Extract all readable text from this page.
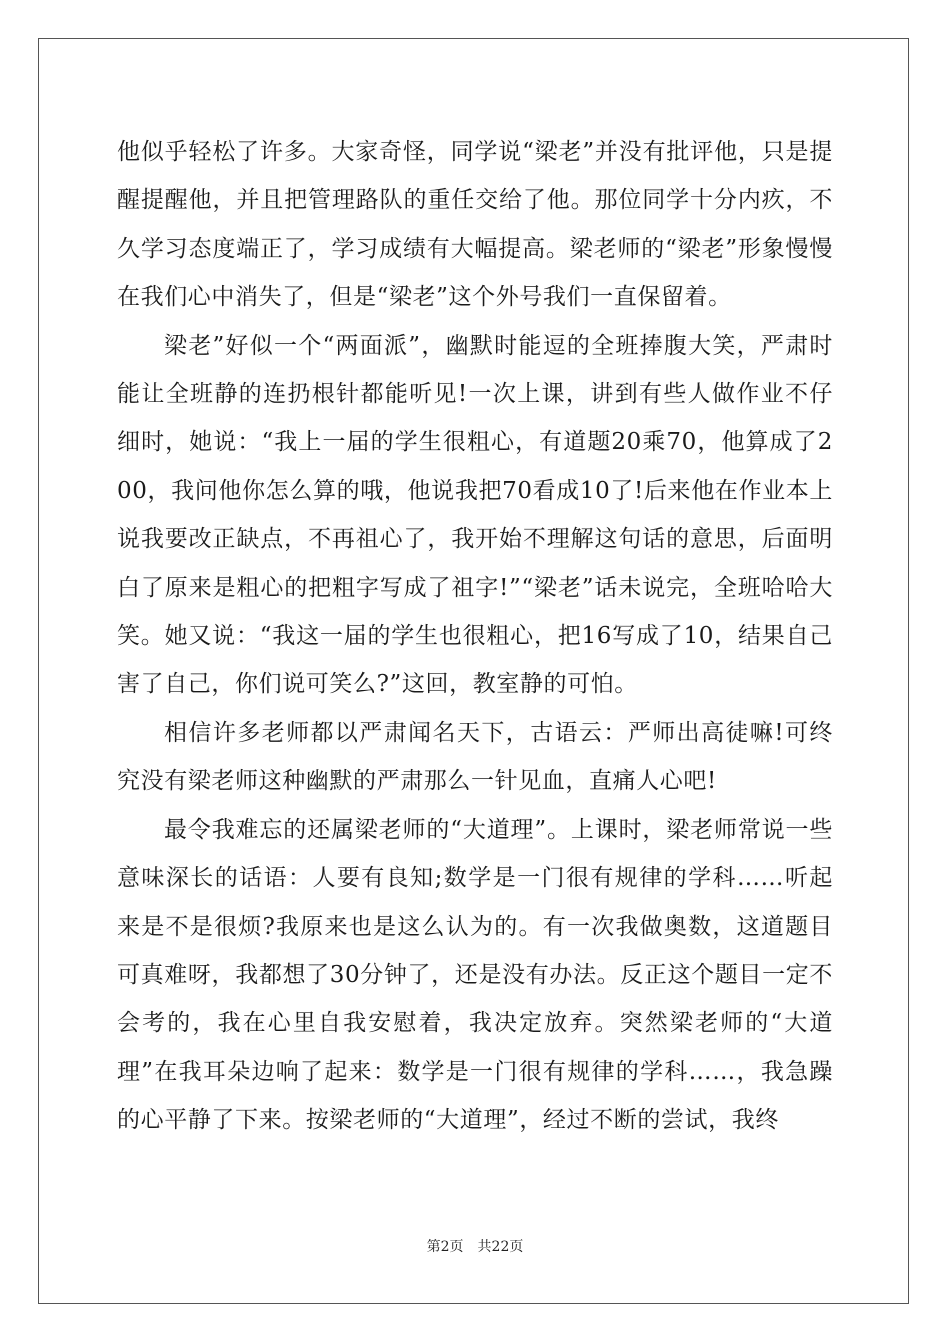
他似乎轻松了许多。大家奇怪，同学说“梁老”并没有批评他，只是提醒提醒他，并且把管理路队的重任交给了他。那位同学十分内疚，不久学习态度端正了，学习成绩有大幅提高。梁老师的“梁老”形象慢慢在我们心中消失了，但是“梁老”这个外号我们一直保留着。

梁老”好似一个“两面派”，幽默时能逗的全班捧腹大笑，严肃时能让全班静的连扔根针都能听见!一次上课，讲到有些人做作业不仔细时，她说：“我上一届的学生很粗心，有道题20乘70，他算成了200，我问他你怎么算的哦，他说我把70看成10了!后来他在作业本上说我要改正缺点，不再祖心了，我开始不理解这句话的意思，后面明白了原来是粗心的把粗字写成了祖字!”“梁老”话未说完，全班哈哈大笑。她又说：“我这一届的学生也很粗心，把16写成了10，结果自己害了自己，你们说可笑么?”这回，教室静的可怕。

相信许多老师都以严肃闻名天下，古语云：严师出高徒嘛!可终究没有梁老师这种幽默的严肃那么一针见血，直痛人心吧!

最令我难忘的还属梁老师的“大道理”。上课时，梁老师常说一些意味深长的话语：人要有良知;数学是一门很有规律的学科……听起来是不是很烦?我原来也是这么认为的。有一次我做奥数，这道题目可真难呀，我都想了30分钟了，还是没有办法。反正这个题目一定不会考的，我在心里自我安慰着，我决定放弃。突然梁老师的“大道理”在我耳朵边响了起来：数学是一门很有规律的学科……，我急躁的心平静了下来。按梁老师的“大道理”，经过不断的尝试，我终

第2页 共22页
